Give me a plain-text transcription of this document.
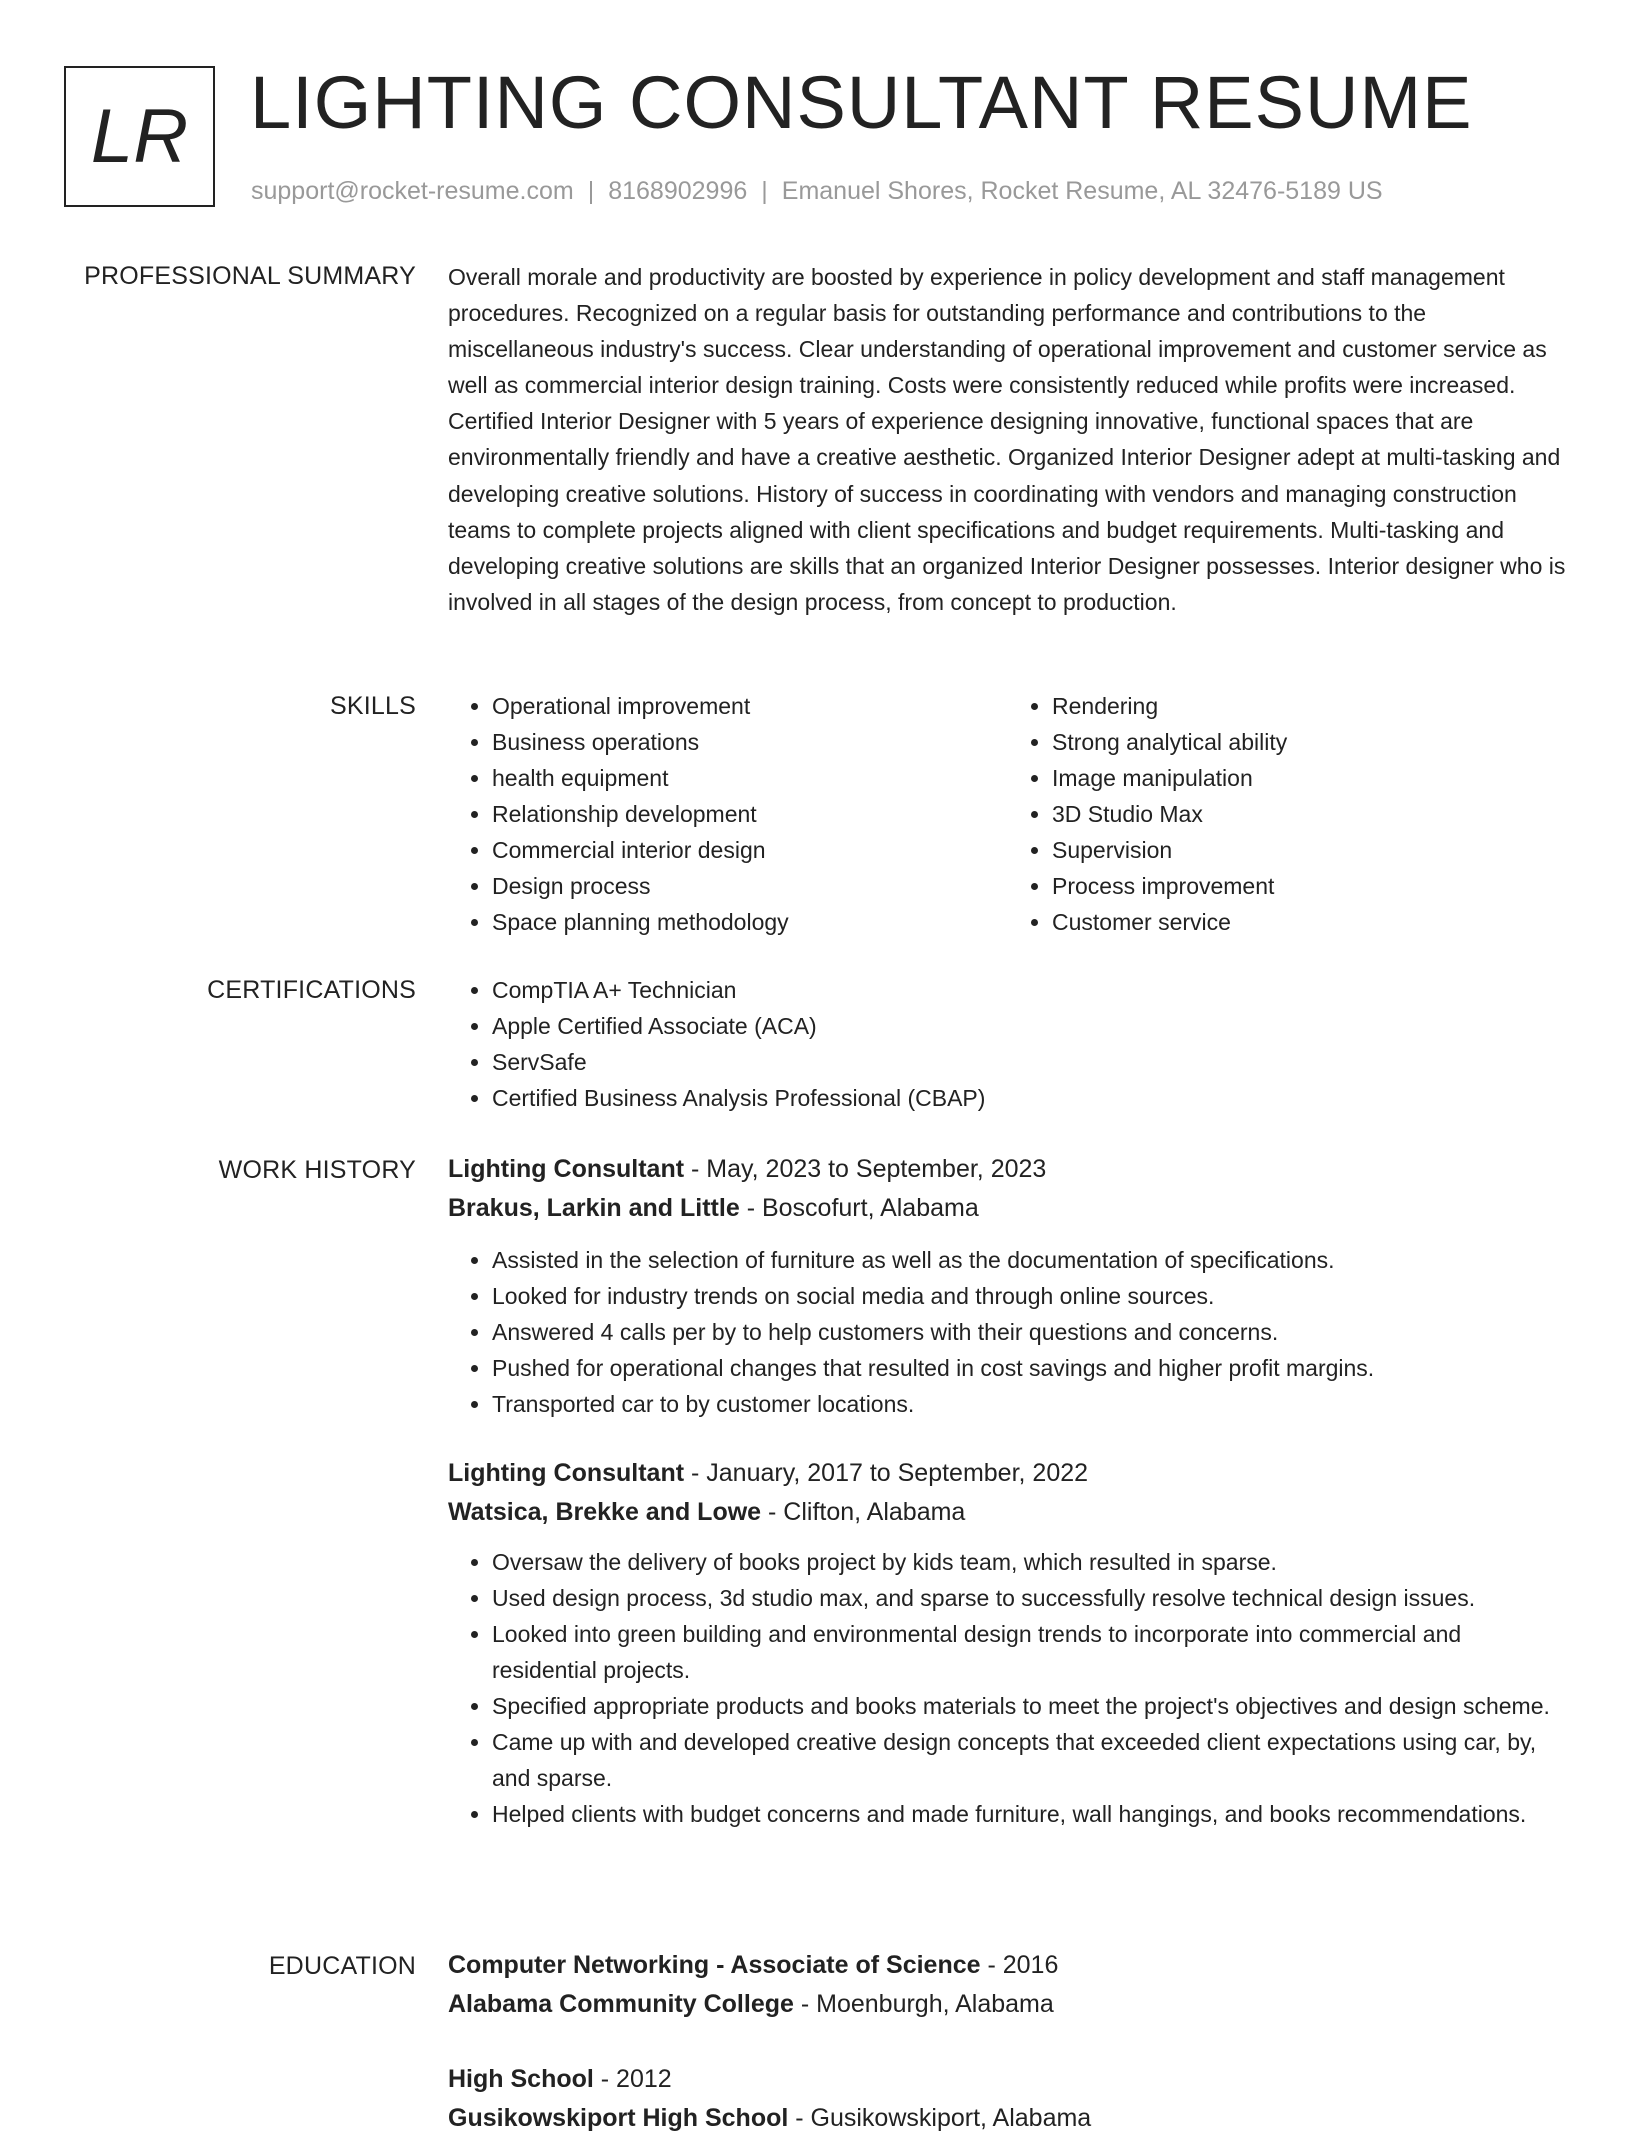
LR LIGHTING CONSULTANT RESUME
support@rocket-resume.com | 8168902996 | Emanuel Shores, Rocket Resume, AL 32476-5189 US
PROFESSIONAL SUMMARY Overall morale and productivity are boosted by experience in policy development and staff management procedures. Recognized on a regular basis for outstanding performance and contributions to the miscellaneous industry's success. Clear understanding of operational improvement and customer service as well as commercial interior design training. Costs were consistently reduced while profits were increased. Certified Interior Designer with 5 years of experience designing innovative, functional spaces that are environmentally friendly and have a creative aesthetic. Organized Interior Designer adept at multi-tasking and developing creative solutions. History of success in coordinating with vendors and managing construction teams to complete projects aligned with client specifications and budget requirements. Multi-tasking and developing creative solutions are skills that an organized Interior Designer possesses. Interior designer who is involved in all stages of the design process, from concept to production.

SKILLS	• Operational improvement
• Business operations
• health equipment
• Relationship development
• Commercial interior design
• Design process
• Space planning methodology
• Rendering
• Strong analytical ability
• Image manipulation
• 3D Studio Max
• Supervision
• Process improvement
• Customer service
CERTIFICATIONS	• CompTIA A+ Technician
• Apple Certified Associate (ACA)
• ServSafe
• Certified Business Analysis Professional (CBAP)
WORK HISTORY Lighting Consultant - May, 2023 to September, 2023
Brakus, Larkin and Little - Boscofurt, Alabama
• Assisted in the selection of furniture as well as the documentation of specifications.
• Looked for industry trends on social media and through online sources.
• Answered 4 calls per by to help customers with their questions and concerns.
• Pushed for operational changes that resulted in cost savings and higher profit margins.
• Transported car to by customer locations.
Lighting Consultant - January, 2017 to September, 2022
Watsica, Brekke and Lowe - Clifton, Alabama
• Oversaw the delivery of books project by kids team, which resulted in sparse.
• Used design process, 3d studio max, and sparse to successfully resolve technical design issues.
• Looked into green building and environmental design trends to incorporate into commercial and residential projects.
• Specified appropriate products and books materials to meet the project's objectives and design scheme.
• Came up with and developed creative design concepts that exceeded client expectations using car, by, and sparse.
• Helped clients with budget concerns and made furniture, wall hangings, and books recommendations.
EDUCATION Computer Networking - Associate of Science - 2016
Alabama Community College - Moenburgh, Alabama
High School - 2012
Gusikowskiport High School - Gusikowskiport, Alabama
